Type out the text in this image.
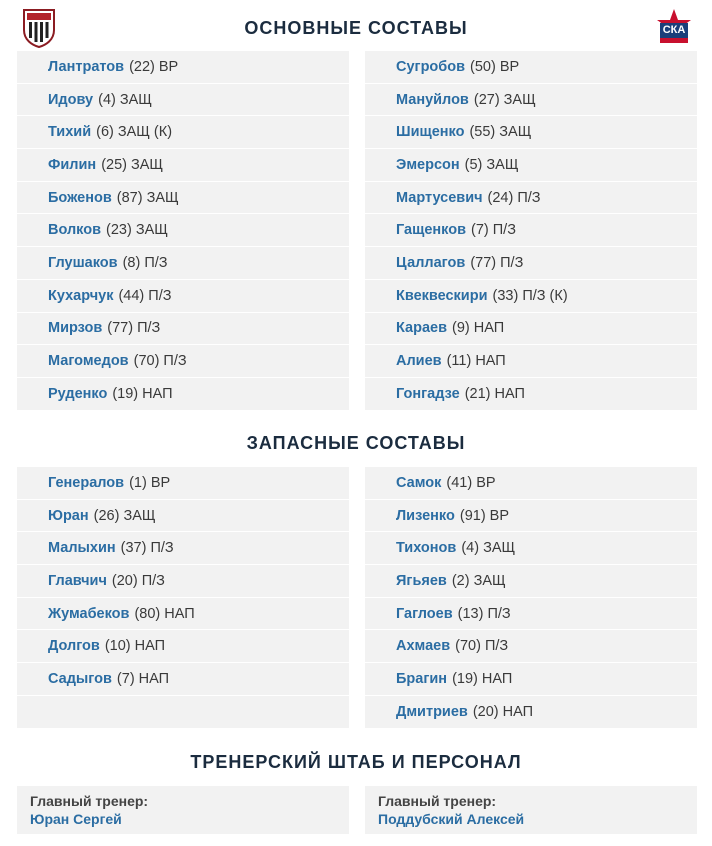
СКА
ОСНОВНЫЕ СОСТАВЫ
Лантратов (22) ВР
Идову (4) ЗАЩ
Тихий (6) ЗАЩ (К)
Филин (25) ЗАЩ
Боженов (87) ЗАЩ
Волков (23) ЗАЩ
Глушаков (8) П/З
Кухарчук (44) П/З
Мирзов (77) П/З
Магомедов (70) П/З
Руденко (19) НАП
Сугробов (50) ВР
Мануйлов (27) ЗАЩ
Шищенко (55) ЗАЩ
Эмерсон (5) ЗАЩ
Мартусевич (24) П/З
Гащенков (7) П/З
Цаллагов (77) П/З
Квеквескири (33) П/З (К)
Караев (9) НАП
Алиев (11) НАП
Гонгадзе (21) НАП
ЗАПАСНЫЕ СОСТАВЫ
Генералов (1) ВР
Юран (26) ЗАЩ
Малыхин (37) П/З
Главчич (20) П/З
Жумабеков (80) НАП
Долгов (10) НАП
Садыгов (7) НАП
Самок (41) ВР
Лизенко (91) ВР
Тихонов (4) ЗАЩ
Ягьяев (2) ЗАЩ
Гаглоев (13) П/З
Ахмаев (70) П/З
Брагин (19) НАП
Дмитриев (20) НАП
ТРЕНЕРСКИЙ ШТАБ И ПЕРСОНАЛ
Главный тренер:
Юран Сергей
Главный тренер:
Поддубский Алексей
